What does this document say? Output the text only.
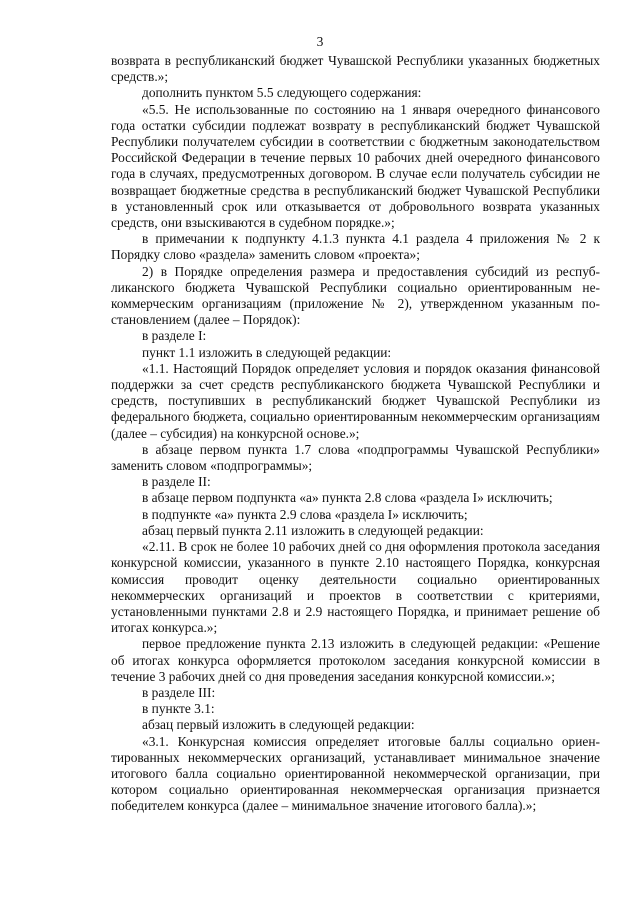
3

возврата в республиканский бюджет Чувашской Республики указанных бюджетных средств.»;

дополнить пунктом 5.5 следующего содержания:

«5.5. Не использованные по состоянию на 1 января очередного финансового года остатки субсидии подлежат возврату в республиканский бюджет Чувашской Республики получателем субсидии в соответствии с бюджетным законодательством Российской Федерации в течение первых 10 рабочих дней очередного финансового года в случаях, предусмотренных договором. В случае если получатель субсидии не возвращает бюджетные средства в республиканский бюджет Чувашской Республики в установленный срок или отказывается от добровольного возврата указанных средств, они взыскиваются в судебном порядке.»;

в примечании к подпункту 4.1.3 пункта 4.1 раздела 4 приложения № 2 к Порядку слово «раздела» заменить словом «проекта»;

2) в Порядке определения размера и предоставления субсидий из республиканского бюджета Чувашской Республики социально ориентированным некоммерческим организациям (приложение № 2), утвержденном указанным постановлением (далее – Порядок):

в разделе I:

пункт 1.1 изложить в следующей редакции:

«1.1. Настоящий Порядок определяет условия и порядок оказания финансовой поддержки за счет средств республиканского бюджета Чувашской Республики и средств, поступивших в республиканский бюджет Чувашской Республики из федерального бюджета, социально ориентированным некоммерческим организациям (далее – субсидия) на конкурсной основе.»;

в абзаце первом пункта 1.7 слова «подпрограммы Чувашской Республики» заменить словом «подпрограммы»;

в разделе II:

в абзаце первом подпункта «а» пункта 2.8 слова «раздела I» исключить;

в подпункте «а» пункта 2.9 слова «раздела I» исключить;

абзац первый пункта 2.11 изложить в следующей редакции:

«2.11. В срок не более 10 рабочих дней со дня оформления протокола заседания конкурсной комиссии, указанного в пункте 2.10 настоящего Порядка, конкурсная комиссия проводит оценку деятельности социально ориентированных некоммерческих организаций и проектов в соответствии с критериями, установленными пунктами 2.8 и 2.9 настоящего Порядка, и принимает решение об итогах конкурса.»;

первое предложение пункта 2.13 изложить в следующей редакции: «Решение об итогах конкурса оформляется протоколом заседания конкурсной комиссии в течение 3 рабочих дней со дня проведения заседания конкурсной комиссии.»;

в разделе III:

в пункте 3.1:

абзац первый изложить в следующей редакции:

«3.1. Конкурсная комиссия определяет итоговые баллы социально ориентированных некоммерческих организаций, устанавливает минимальное значение итогового балла социально ориентированной некоммерческой организации, при котором социально ориентированная некоммерческая организация признается победителем конкурса (далее – минимальное значение итогового балла).»;
